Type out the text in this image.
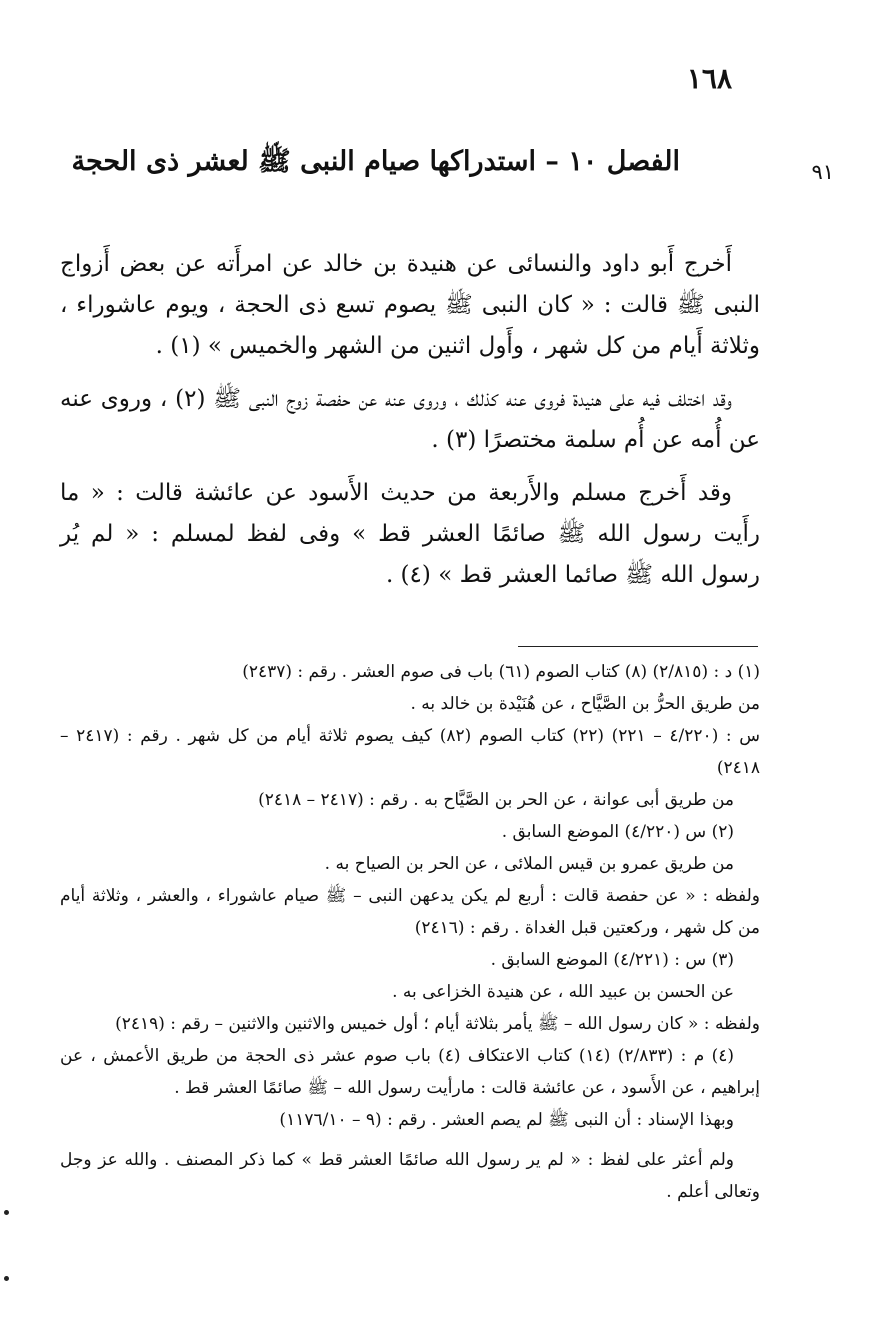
١٦٨
٩١
الفصل ١٠ – استدراكها صيام النبى ﷺ لعشر ذى الحجة

أَخرج أَبو داود والنسائى عن هنيدة بن خالد عن امرأَته عن بعض أَزواج النبى ﷺ قالت : « كان النبى ﷺ يصوم تسع ذى الحجة ، ويوم عاشوراء ، وثلاثة أَيام من كل شهر ، وأَول اثنين من الشهر والخميس » (١) .

وقد اختلف فيه على هنيدة فروى عنه كذلك ، وروى عنه عن حفصة زوج النبى ﷺ (٢) ، وروى عنه عن أُمه عن أُم سلمة مختصرًا (٣) .

وقد أَخرج مسلم والأَربعة من حديث الأَسود عن عائشة قالت : « ما رأَيت رسول الله ﷺ صائمًا العشر قط » وفى لفظ لمسلم : « لم يُر رسول الله ﷺ صائما العشر قط » (٤) .

(١) د : (٢/٨١٥) (٨) كتاب الصوم (٦١) باب فى صوم العشر . رقم : (٢٤٣٧)
من طريق الحرُّ بن الصَّيَّاح ، عن هُنَيْدة بن خالد به .
س : (٤/٢٢٠ – ٢٢١) (٢٢) كتاب الصوم (٨٢) كيف يصوم ثلاثة أيام من كل شهر . رقم : (٢٤١٧ – ٢٤١٨)
من طريق أبى عوانة ، عن الحر بن الصَّيَّاح به . رقم : (٢٤١٧ – ٢٤١٨)
(٢) س (٤/٢٢٠) الموضع السابق .
من طريق عمرو بن قيس الملائى ، عن الحر بن الصياح به .
ولفظه : « عن حفصة قالت : أربع لم يكن يدعهن النبى – ﷺ صيام عاشوراء ، والعشر ، وثلاثة أيام من كل شهر ، وركعتين قبل الغداة . رقم : (٢٤١٦)
(٣) س : (٤/٢٢١) الموضع السابق .
عن الحسن بن عبيد الله ، عن هنيدة الخزاعى به .
ولفظه : « كان رسول الله – ﷺ يأمر بثلاثة أيام ؛ أول خميس والاثنين والاثنين – رقم : (٢٤١٩)
(٤) م : (٢/٨٣٣) (١٤) كتاب الاعتكاف (٤) باب صوم عشر ذى الحجة من طريق الأعمش ، عن إبراهيم ، عن الأَسود ، عن عائشة قالت : مارأيت رسول الله – ﷺ صائمًا العشر قط .
وبهذا الإسناد : أن النبى ﷺ لم يصم العشر . رقم : (٩ – ١١٧٦/١٠)
ولم أعثر على لفظ : « لم ير رسول الله صائمًا العشر قط » كما ذكر المصنف . والله عز وجل وتعالى أعلم .
